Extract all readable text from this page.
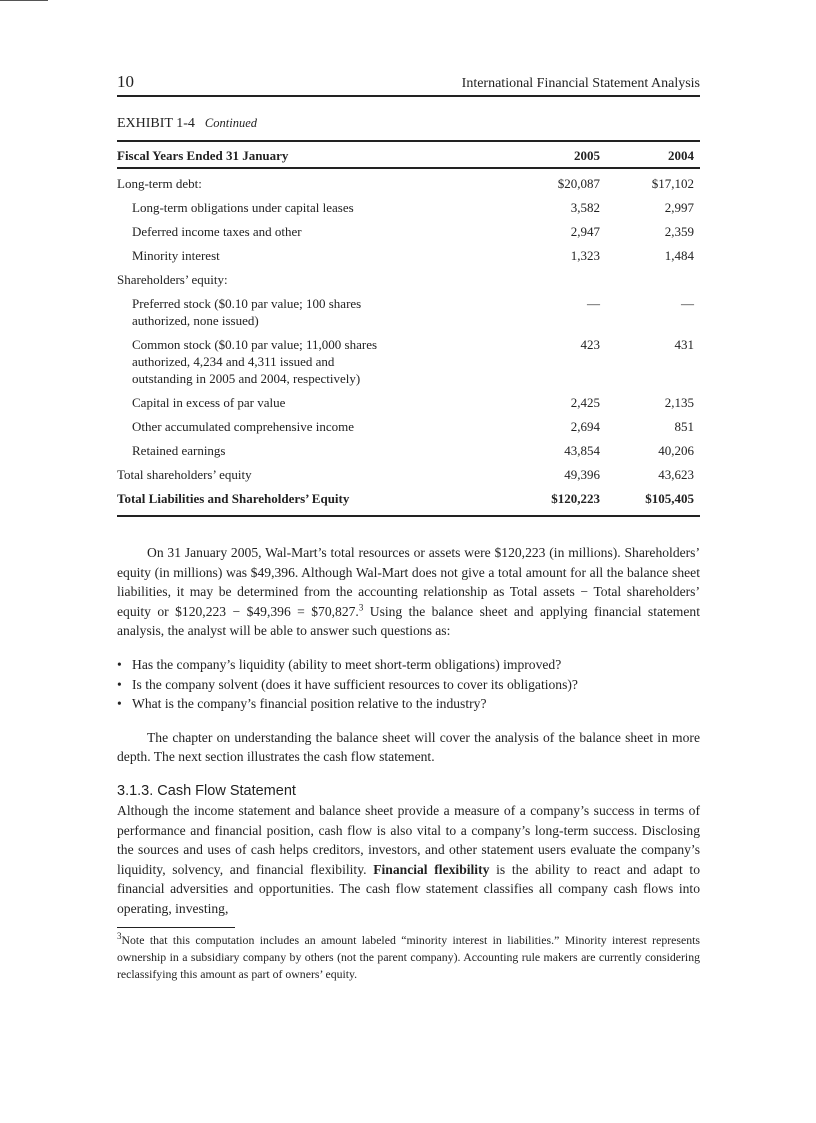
10	International Financial Statement Analysis
EXHIBIT 1-4 Continued
Fiscal Years Ended 31 January	2005	2004
Long-term debt:	$20,087	$17,102
Long-term obligations under capital leases	3,582	2,997
Deferred income taxes and other	2,947	2,359
Minority interest	1,323	1,484
Shareholders’ equity:		
Preferred stock ($0.10 par value; 100 shares authorized, none issued)	—	—
Common stock ($0.10 par value; 11,000 shares authorized, 4,234 and 4,311 issued and outstanding in 2005 and 2004, respectively)	423	431
Capital in excess of par value	2,425	2,135
Other accumulated comprehensive income	2,694	851
Retained earnings	43,854	40,206
Total shareholders’ equity	49,396	43,623
Total Liabilities and Shareholders’ Equity	$120,223	$105,405

On 31 January 2005, Wal-Mart’s total resources or assets were $120,223 (in millions). Shareholders’ equity (in millions) was $49,396. Although Wal-Mart does not give a total amount for all the balance sheet liabilities, it may be determined from the accounting relationship as Total assets − Total shareholders’ equity or $120,223 − $49,396 = $70,827.$^3$ Using the balance sheet and applying financial statement analysis, the analyst will be able to answer such questions as:

• Has the company’s liquidity (ability to meet short-term obligations) improved?
• Is the company solvent (does it have sufficient resources to cover its obligations)?
• What is the company’s financial position relative to the industry?

The chapter on understanding the balance sheet will cover the analysis of the balance sheet in more depth. The next section illustrates the cash flow statement.

3.1.3. Cash Flow Statement

Although the income statement and balance sheet provide a measure of a company’s success in terms of performance and financial position, cash flow is also vital to a company’s long-term success. Disclosing the sources and uses of cash helps creditors, investors, and other statement users evaluate the company’s liquidity, solvency, and financial flexibility. Financial flexibility is the ability to react and adapt to financial adversities and opportunities. The cash flow statement classifies all company cash flows into operating, investing,

$^3$Note that this computation includes an amount labeled “minority interest in liabilities.” Minority interest represents ownership in a subsidiary company by others (not the parent company). Accounting rule makers are currently considering reclassifying this amount as part of owners’ equity.
